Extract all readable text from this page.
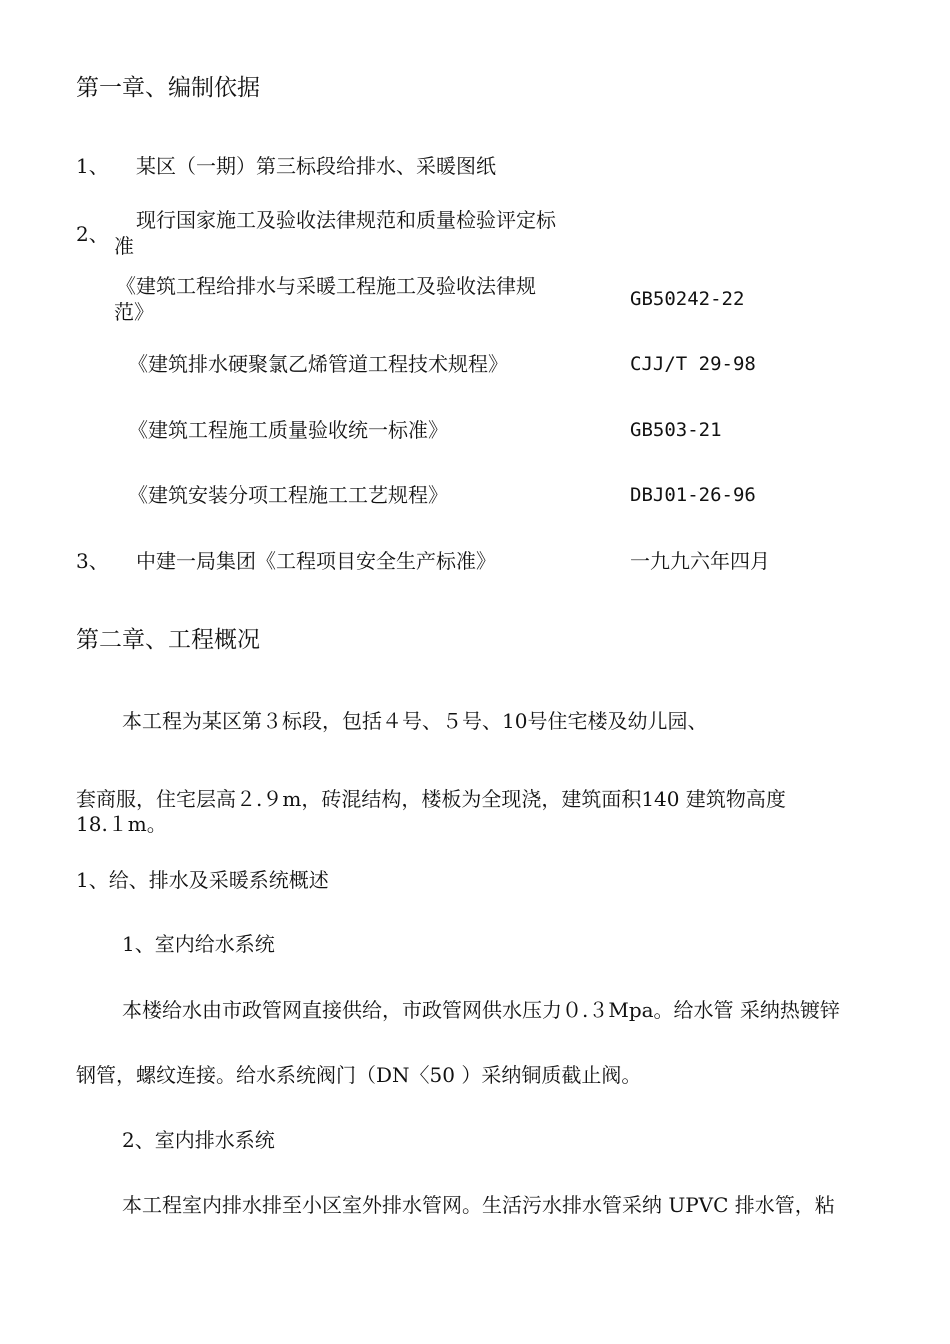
第一章、编制依据
1、 某区（一期）第三标段给排水、采暖图纸
2、
现行国家施工及验收法律规范和质量检验评定标
准
《建筑工程给排水与采暖工程施工及验收法律规
范》
GB50242-22
《建筑排水硬聚氯乙烯管道工程技术规程》	CJJ/T 29-98
《建筑工程施工质量验收统一标准》	GB503-21
《建筑安装分项工程施工工艺规程》	DBJ01-26-96
3、 中建一局集团《工程项目安全生产标准》	一九九六年四月
第二章、工程概况
本工程为某区第３标段，包括４号、５号、10号住宅楼及幼儿园、
套商服，住宅层高２.９m，砖混结构，楼板为全现浇，建筑面积140 建筑物高度
18.１m。
1、给、排水及采暖系统概述
1、室内给水系统
本楼给水由市政管网直接供给，市政管网供水压力０.３Mpa。给水管 采纳热镀锌
钢管，螺纹连接。给水系统阀门（DN〈50 ）采纳铜质截止阀。
2、室内排水系统
本工程室内排水排至小区室外排水管网。生活污水排水管采纳 UPVC 排水管，粘
